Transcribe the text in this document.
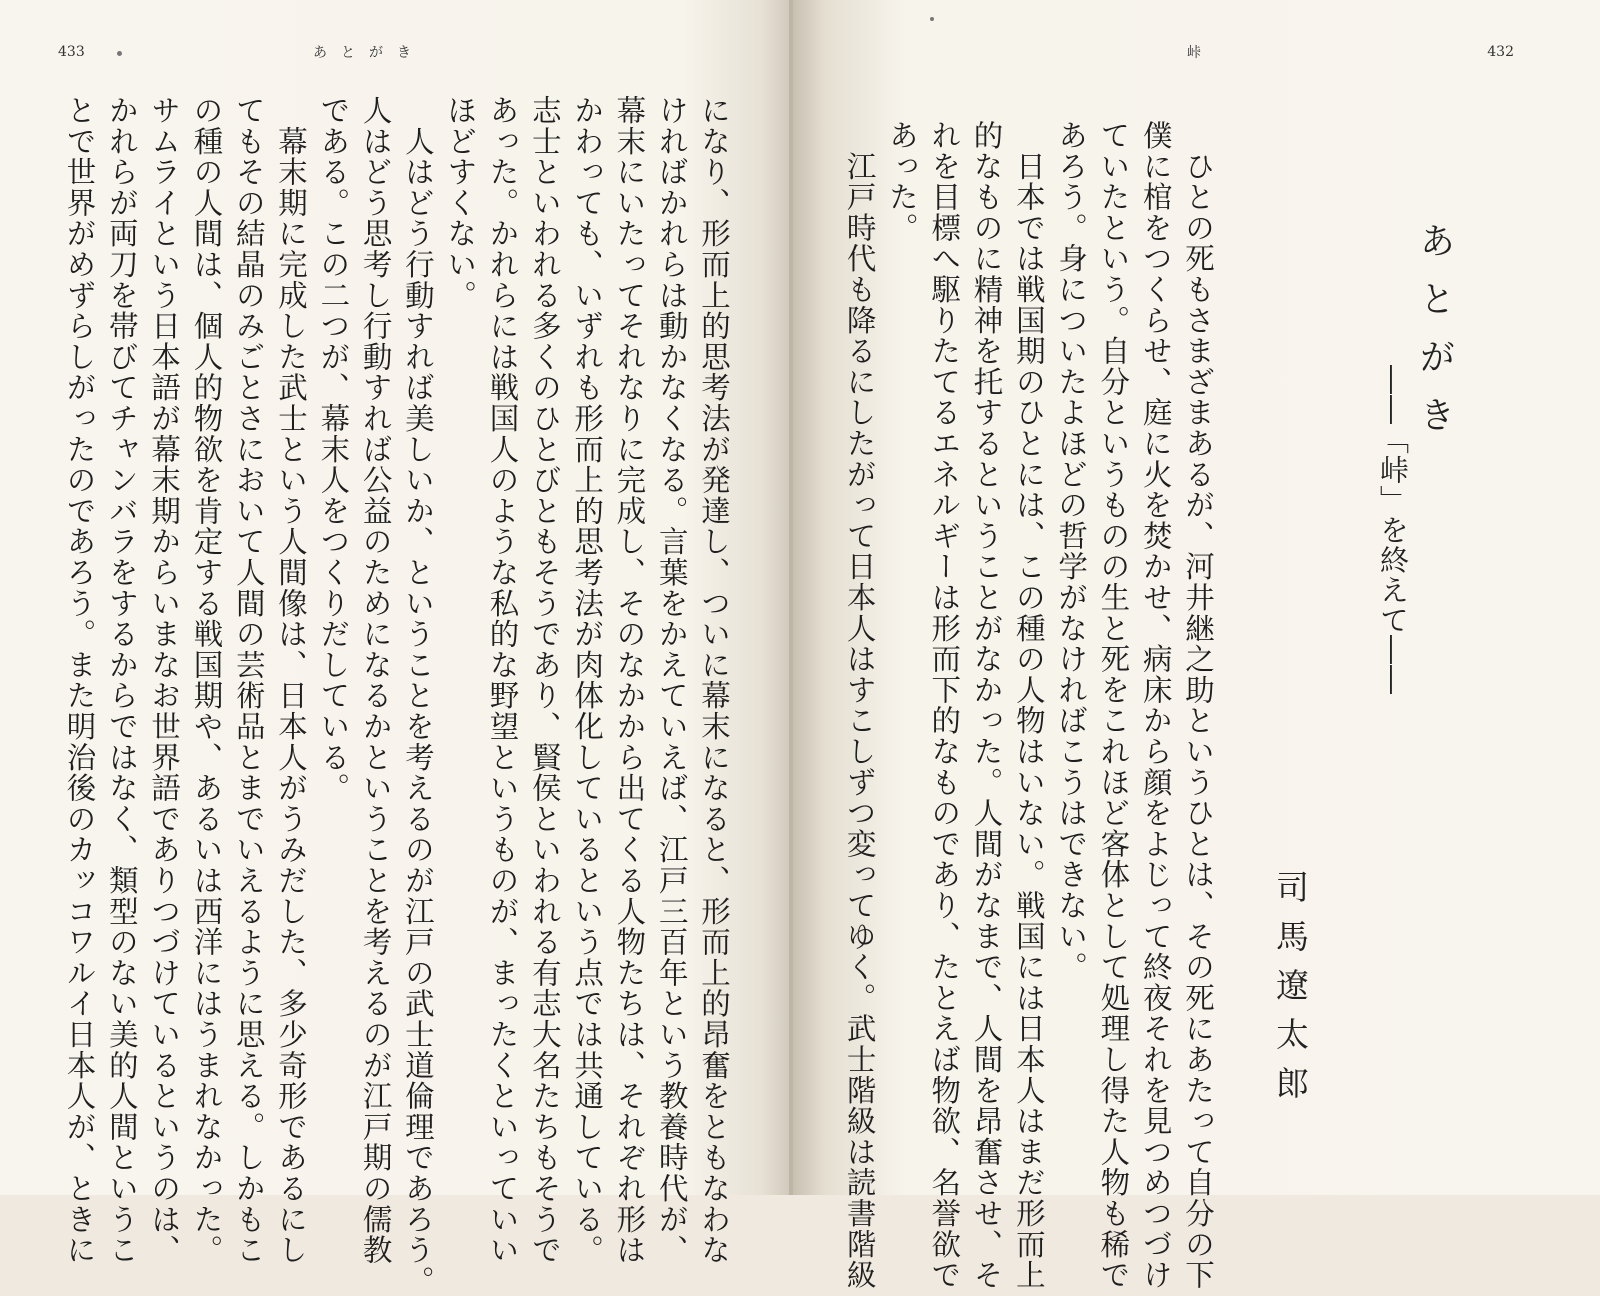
433	あとがき
になり、形而上的思考法が発達し、ついに幕末になると、形而上的昂奮をともなわな
ければかれらは動かなくなる。言葉をかえていえば、江戸三百年という教養時代が、
幕末にいたってそれなりに完成し、そのなかから出てくる人物たちは、それぞれ形は
かわっても、いずれも形而上的思考法が肉体化しているという点では共通している。
志士といわれる多くのひとびともそうであり、賢侯といわれる有志大名たちもそうで
あった。かれらには戦国人のような私的な野望というものが、まったくといっていい
ほどすくない。
　人はどう行動すれば美しいか、ということを考えるのが江戸の武士道倫理であろう。
人はどう思考し行動すれば公益のためになるかということを考えるのが江戸期の儒教
である。この二つが、幕末人をつくりだしている。
　幕末期に完成した武士という人間像は、日本人がうみだした、多少奇形であるにし
てもその結晶のみごとさにおいて人間の芸術品とまでいえるように思える。しかもこ
の種の人間は、個人的物欲を肯定する戦国期や、あるいは西洋にはうまれなかった。
サムライという日本語が幕末期からいまなお世界語でありつづけているというのは、
かれらが両刀を帯びてチャンバラをするからではなく、類型のない美的人間というこ
とで世界がめずらしがったのであろう。また明治後のカッコワルイ日本人が、ときに
432
峠
あとがき
――「峠」を終えて――
司馬遼太郎
　ひとの死もさまざまあるが、河井継之助というひとは、その死にあたって自分の下
僕に棺をつくらせ、庭に火を焚かせ、病床から顔をよじって終夜それを見つめつづけ
ていたという。自分というものの生と死をこれほど客体として処理し得た人物も稀で
あろう。身についたよほどの哲学がなければこうはできない。
　日本では戦国期のひとには、この種の人物はいない。戦国には日本人はまだ形而上
的なものに精神を托するということがなかった。人間がなまで、人間を昂奮させ、そ
れを目標へ駆りたてるエネルギーは形而下的なものであり、たとえば物欲、名誉欲で
あった。
　江戸時代も降るにしたがって日本人はすこしずつ変ってゆく。武士階級は読書階級
